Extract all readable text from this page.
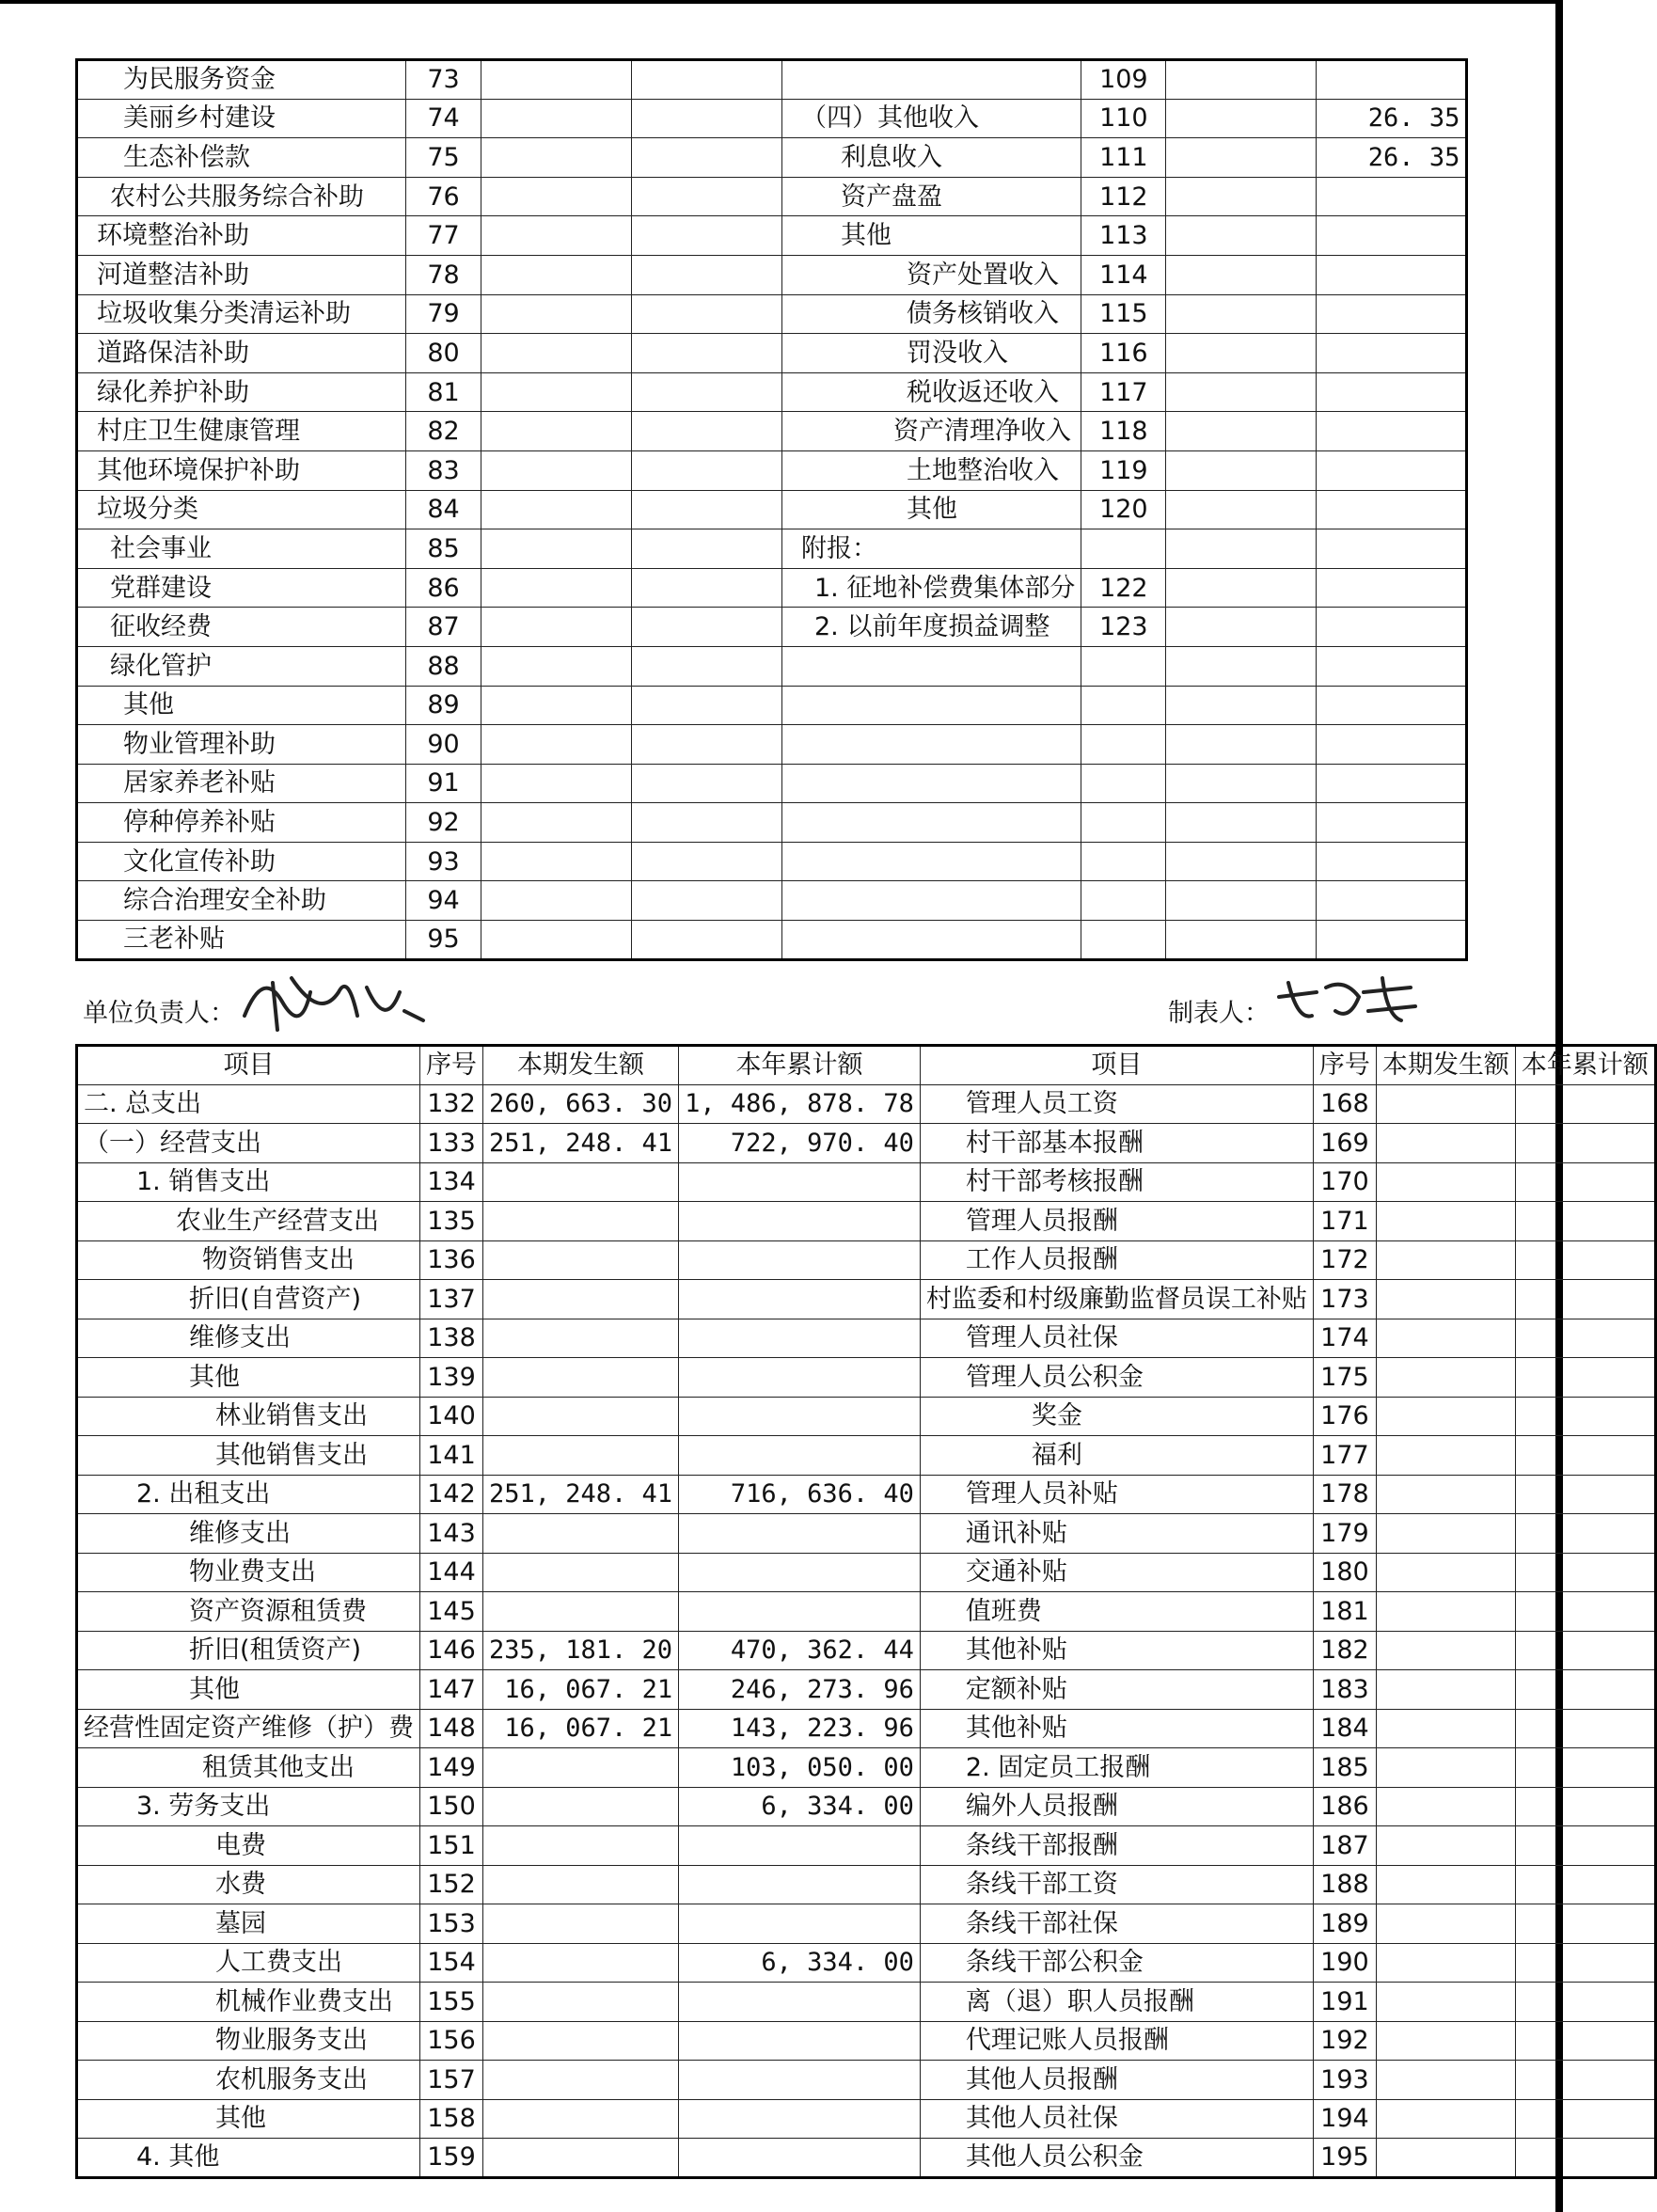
为民服务资金	73				109		
美丽乡村建设	74			（四）其他收入	110		26. 35
生态补偿款	75			利息收入	111		26. 35
农村公共服务综合补助	76			资产盘盈	112		
环境整治补助	77			其他	113		
河道整洁补助	78			资产处置收入	114		
垃圾收集分类清运补助	79			债务核销收入	115		
道路保洁补助	80			罚没收入	116		
绿化养护补助	81			税收返还收入	117		
村庄卫生健康管理	82			资产清理净收入	118		
其他环境保护补助	83			土地整治收入	119		
垃圾分类	84			其他	120		
社会事业	85			附报：			
党群建设	86			1. 征地补偿费集体部分	122		
征收经费	87			2. 以前年度损益调整	123		
绿化管护	88						
其他	89						
物业管理补助	90						
居家养老补贴	91						
停种停养补贴	92						
文化宣传补助	93						
综合治理安全补助	94						
三老补贴	95						
单位负责人：	制表人：
项目	序号	本期发生额	本年累计额	项目	序号	本期发生额	本年累计额
二. 总支出	132	260, 663. 30	1, 486, 878. 78	管理人员工资	168		
（一）经营支出	133	251, 248. 41	722, 970. 40	村干部基本报酬	169		
1. 销售支出	134			村干部考核报酬	170		
农业生产经营支出	135			管理人员报酬	171		
物资销售支出	136			工作人员报酬	172		
折旧(自营资产)	137			村监委和村级廉勤监督员误工补贴	173		
维修支出	138			管理人员社保	174		
其他	139			管理人员公积金	175		
林业销售支出	140			奖金	176		
其他销售支出	141			福利	177		
2. 出租支出	142	251, 248. 41	716, 636. 40	管理人员补贴	178		
维修支出	143			通讯补贴	179		
物业费支出	144			交通补贴	180		
资产资源租赁费	145			值班费	181		
折旧(租赁资产)	146	235, 181. 20	470, 362. 44	其他补贴	182		
其他	147	16, 067. 21	246, 273. 96	定额补贴	183		
经营性固定资产维修（护）费	148	16, 067. 21	143, 223. 96	其他补贴	184		
租赁其他支出	149		103, 050. 00	2. 固定员工报酬	185		
3. 劳务支出	150		6, 334. 00	编外人员报酬	186		
电费	151			条线干部报酬	187		
水费	152			条线干部工资	188		
墓园	153			条线干部社保	189		
人工费支出	154		6, 334. 00	条线干部公积金	190		
机械作业费支出	155			离（退）职人员报酬	191		
物业服务支出	156			代理记账人员报酬	192		
农机服务支出	157			其他人员报酬	193		
其他	158			其他人员社保	194		
4. 其他	159			其他人员公积金	195		
